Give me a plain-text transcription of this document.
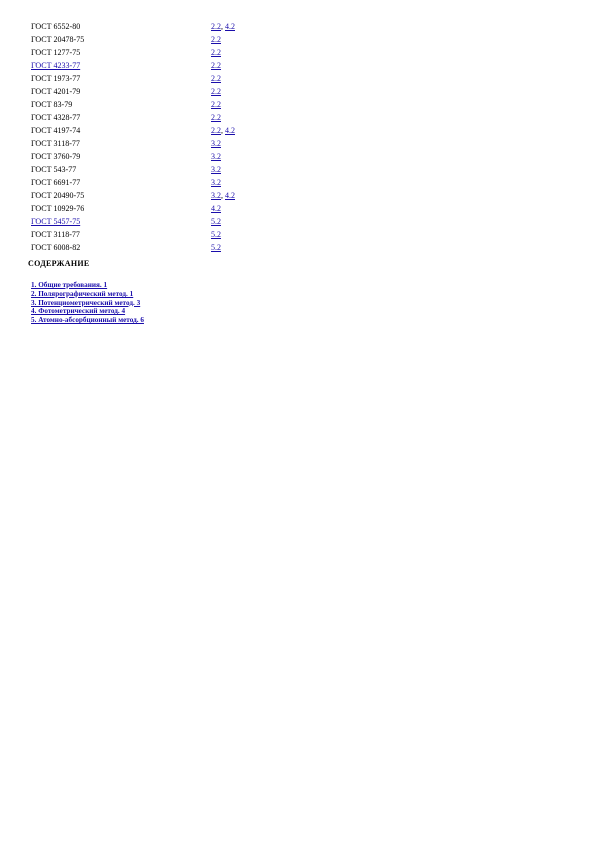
ГОСТ 6552-80	2.2, 4.2
ГОСТ 20478-75	2.2
ГОСТ 1277-75	2.2
ГОСТ 4233-77	2.2
ГОСТ 1973-77	2.2
ГОСТ 4201-79	2.2
ГОСТ 83-79	2.2
ГОСТ 4328-77	2.2
ГОСТ 4197-74	2.2, 4.2
ГОСТ 3118-77	3.2
ГОСТ 3760-79	3.2
ГОСТ 543-77	3.2
ГОСТ 6691-77	3.2
ГОСТ 20490-75	3.2, 4.2
ГОСТ 10929-76	4.2
ГОСТ 5457-75	5.2
ГОСТ 3118-77	5.2
ГОСТ 6008-82	5.2
СОДЕРЖАНИЕ
1. Общие требования. 1
2. Полярографический метод. 1
3. Потенциометрический метод. 3
4. Фотометрический метод. 4
5. Атомно-абсорбционный метод. 6
